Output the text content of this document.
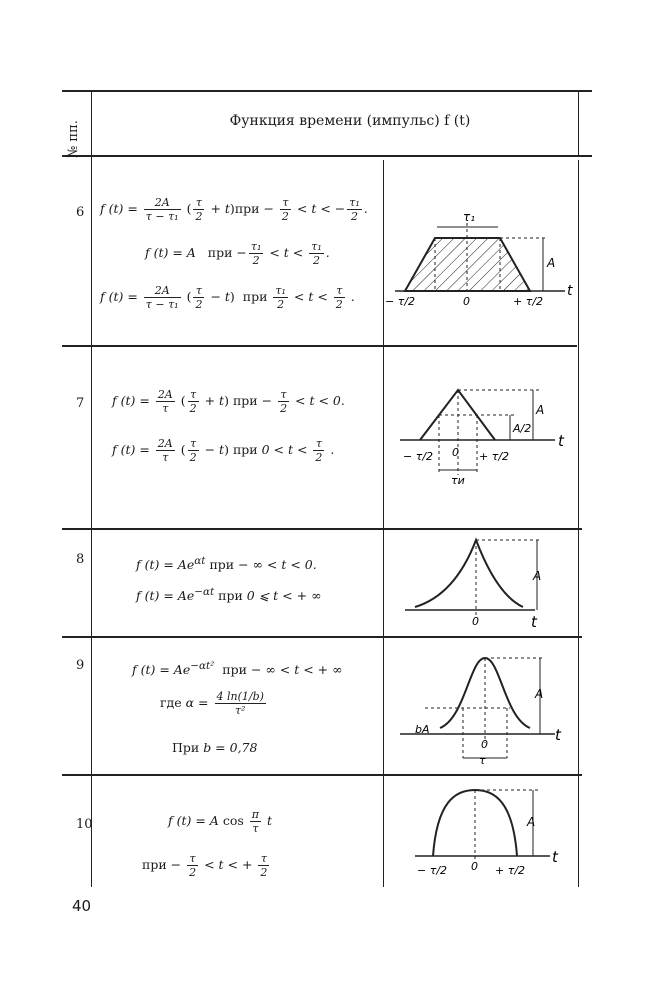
№ пп.	Функция времени (импульс) f (t)
6 f $(t) = \frac{2A}{\text{τ − τ₁}}$ ( $\frac{\tau}{2} + t)при - \frac{\tau}{2} < t$ < − $\frac{\text{τ₁}}{2}$ .
f (t) = A   при − $\frac{\text{τ₁}}{2} < t < \frac{\text{τ₁}}{2}$ .
f $(t) = \frac{2A}{\text{τ − τ₁}}$ ( $\frac{\tau}{2} - t$)  при $\frac{\text{τ₁}}{2} < t < \frac{\tau}{2}$ .
τ₁
A
t
− τ/2	0	+ τ/2
7 f $(t) = \frac{2A}{\tau}$ ( $\frac{\tau}{2} + t$) при − $\frac{\tau}{2} < t < 0$.
f $(t) = \frac{2A}{\tau}$ ( $\frac{\tau}{2} - t$) при $0 < t < \frac{\tau}{2}$ .
A
A/2
t
− τ/2 0 + τ/2
τи
8	f $(t) = Ae^{\alpha t}$ при − ∞ < t < 0.
f $(t) = Ae^{-\alpha t}$ при 0 ⩽ t < + ∞
A
0	t
9	f $(t) = Ae^{-\alpha t^2}$  при − ∞ < t < + ∞
где $\alpha = \frac{4 \ln(1/b)}{\text{τ²}}$
При b = 0,78
A
bA
0
t
τ
10	f (t) = A $\cos \frac{\pi}{\tau}$ t
при − $\frac{\tau}{2} < t$ < + $\frac{\tau}{2}$
A
− τ/2 0 + τ/2
t
40
